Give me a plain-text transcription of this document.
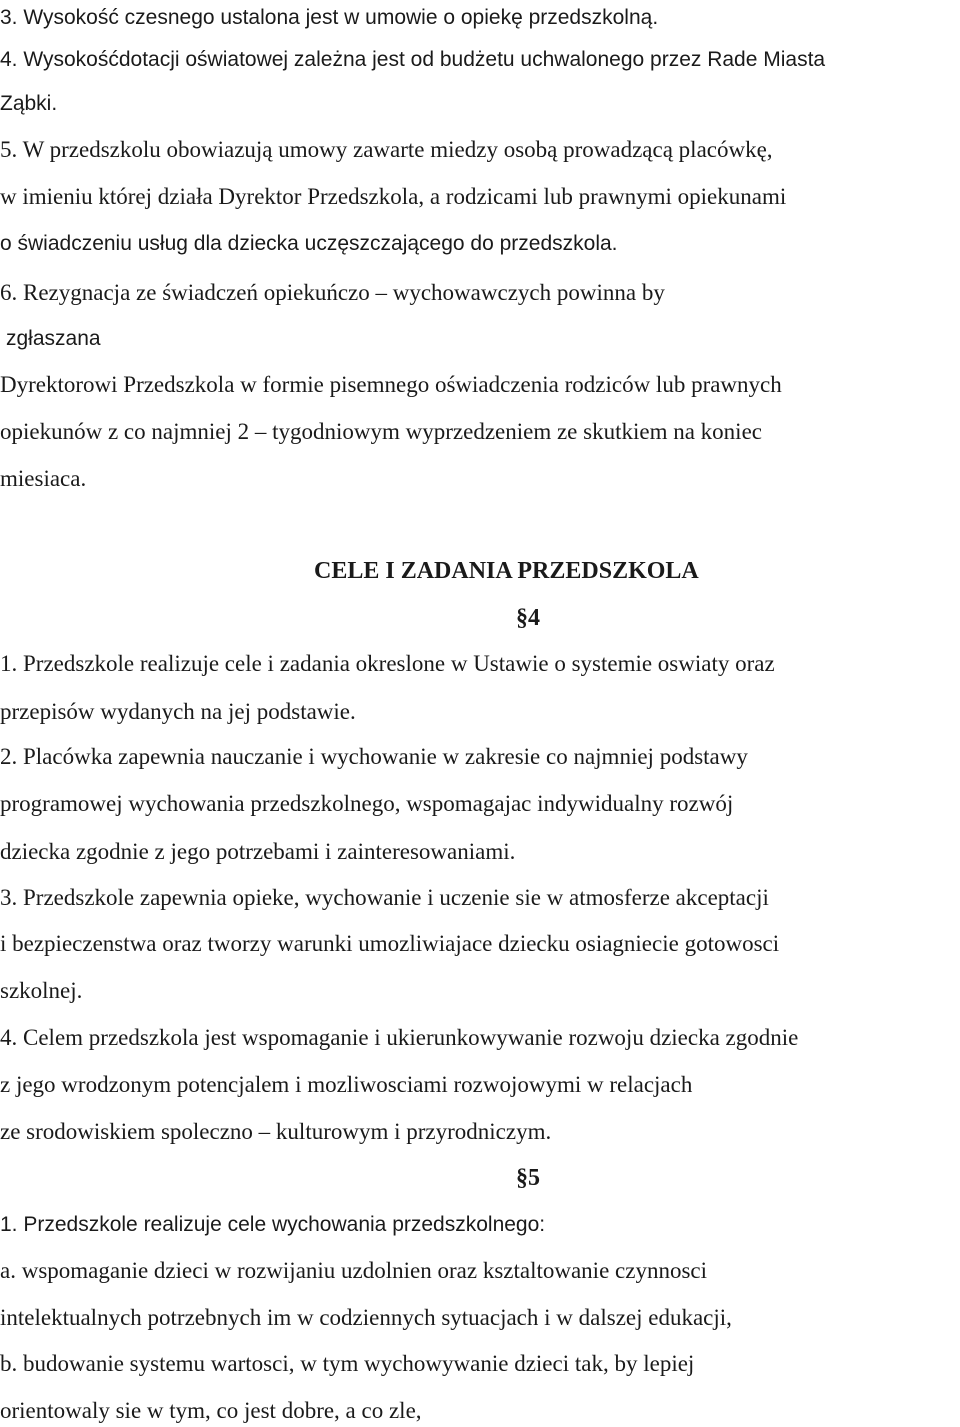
3. Wysokość czesnego ustalona jest w umowie o opiekę przedszkolną.
4. Wysokośćdotacji oświatowej zależna jest od budżetu uchwalonego przez Rade Miasta
Ząbki.
5. W przedszkolu obowiazują umowy zawarte miedzy osobą prowadzącą placówkę,
w imieniu której działa Dyrektor Przedszkola, a rodzicami lub prawnymi opiekunami
o świadczeniu usług dla dziecka uczęszczającego do przedszkola.
6. Rezygnacja ze świadczeń opiekuńczo – wychowawczych powinna by
zgłaszana
Dyrektorowi Przedszkola w formie pisemnego oświadczenia rodziców lub prawnych
opiekunów z co najmniej 2 – tygodniowym wyprzedzeniem ze skutkiem na koniec
miesiaca.
CELE I ZADANIA PRZEDSZKOLA
§4
1. Przedszkole realizuje cele i zadania okreslone w Ustawie o systemie oswiaty oraz
przepisów wydanych na jej podstawie.
2. Placówka zapewnia nauczanie i wychowanie w zakresie co najmniej podstawy
programowej wychowania przedszkolnego, wspomagajac indywidualny rozwój
dziecka zgodnie z jego potrzebami i zainteresowaniami.
3. Przedszkole zapewnia opieke, wychowanie i uczenie sie w atmosferze akceptacji
i bezpieczenstwa oraz tworzy warunki umozliwiajace dziecku osiagniecie gotowosci
szkolnej.
4. Celem przedszkola jest wspomaganie i ukierunkowywanie rozwoju dziecka zgodnie
z jego wrodzonym potencjalem i mozliwosciami rozwojowymi w relacjach
ze srodowiskiem spoleczno – kulturowym i przyrodniczym.
§5
1. Przedszkole realizuje cele wychowania przedszkolnego:
a. wspomaganie dzieci w rozwijaniu uzdolnien oraz ksztaltowanie czynnosci
intelektualnych potrzebnych im w codziennych sytuacjach i w dalszej edukacji,
b. budowanie systemu wartosci, w tym wychowywanie dzieci tak, by lepiej
orientowaly sie w tym, co jest dobre, a co zle,
